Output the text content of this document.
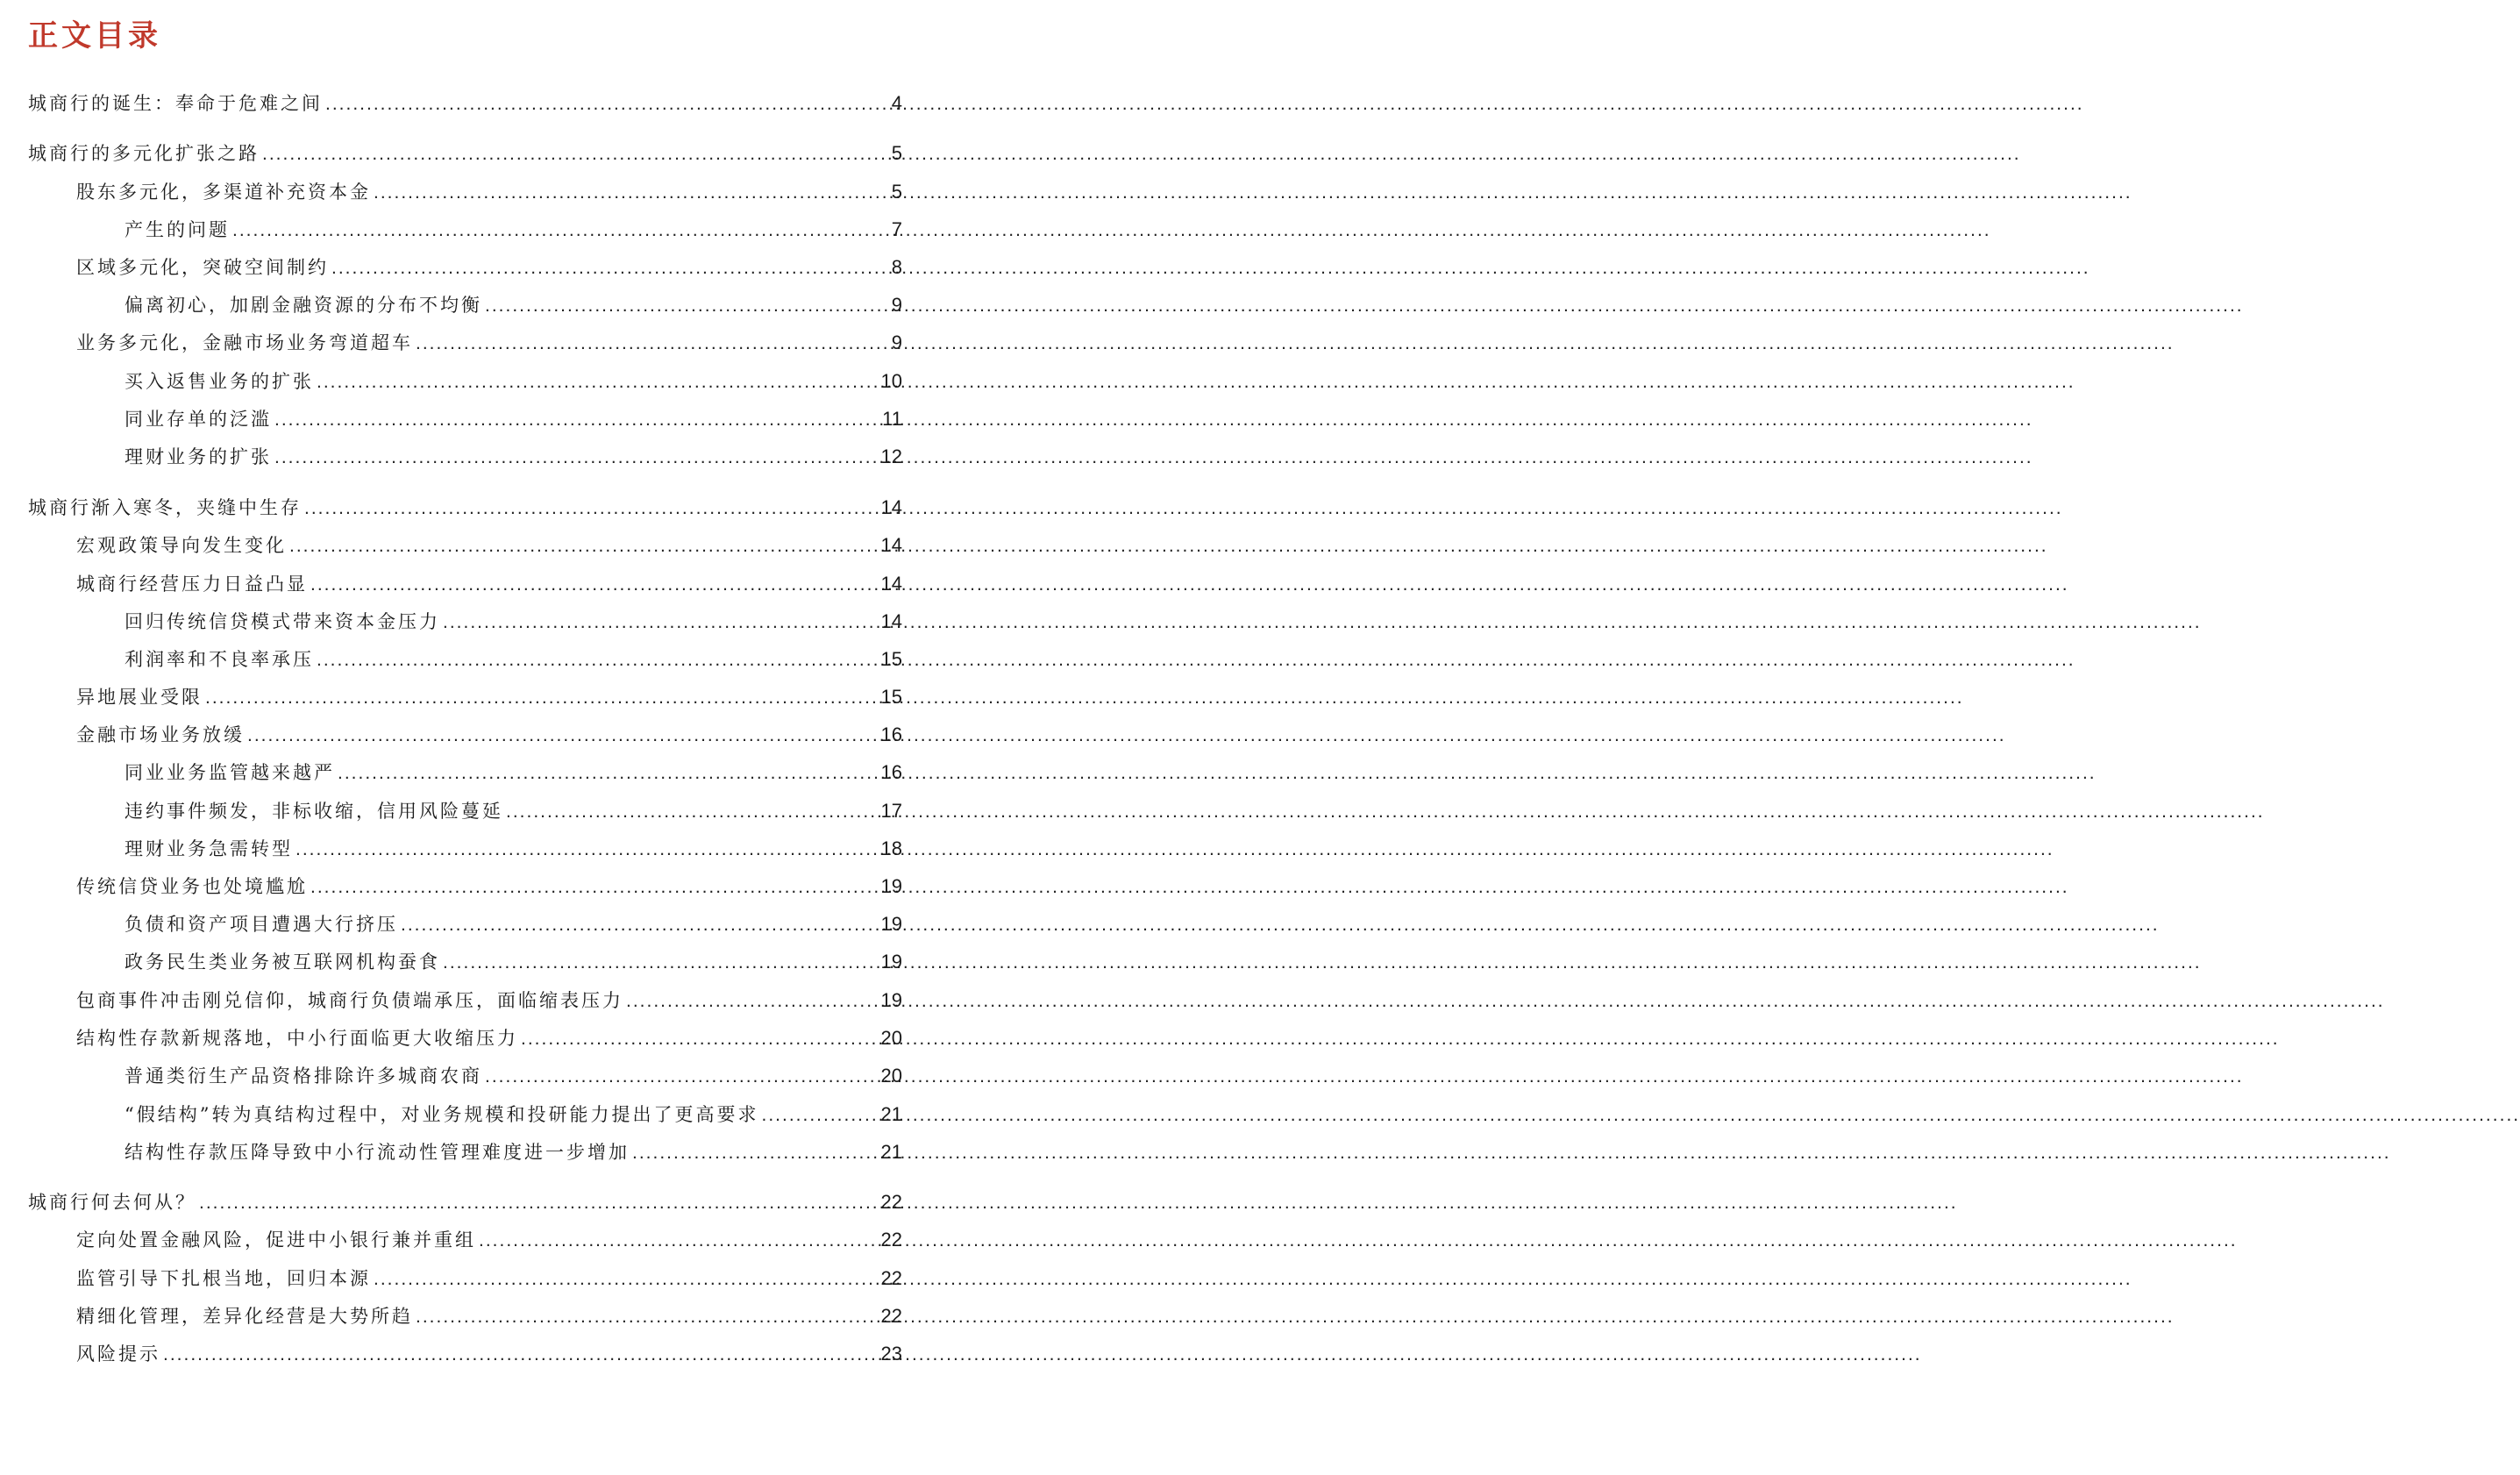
正文目录
城商行的诞生：奉命于危难之间 .....	4
城商行的多元化扩张之路 .....	5
股东多元化，多渠道补充资本金 .....	5
产生的问题 .....	7
区域多元化，突破空间制约 .....	8
偏离初心，加剧金融资源的分布不均衡 .....	9
业务多元化，金融市场业务弯道超车 .....	9
买入返售业务的扩张 .....	10
同业存单的泛滥 .....	11
理财业务的扩张 .....	12
城商行渐入寒冬，夹缝中生存 .....	14
宏观政策导向发生变化 .....	14
城商行经营压力日益凸显 .....	14
回归传统信贷模式带来资本金压力 .....	14
利润率和不良率承压 .....	15
异地展业受限 .....	15
金融市场业务放缓 .....	16
同业业务监管越来越严 .....	16
违约事件频发，非标收缩，信用风险蔓延 .....	17
理财业务急需转型 .....	18
传统信贷业务也处境尴尬 .....	19
负债和资产项目遭遇大行挤压 .....	19
政务民生类业务被互联网机构蚕食 .....	19
包商事件冲击刚兑信仰，城商行负债端承压，面临缩表压力 .....	19
结构性存款新规落地，中小行面临更大收缩压力 .....	20
普通类衍生产品资格排除许多城商农商 .....	20
“假结构”转为真结构过程中，对业务规模和投研能力提出了更高要求 .....	21
结构性存款压降导致中小行流动性管理难度进一步增加 .....	21
城商行何去何从？ .....	22
定向处置金融风险，促进中小银行兼并重组 .....	22
监管引导下扎根当地，回归本源 .....	22
精细化管理，差异化经营是大势所趋 .....	22
风险提示 .....	23
